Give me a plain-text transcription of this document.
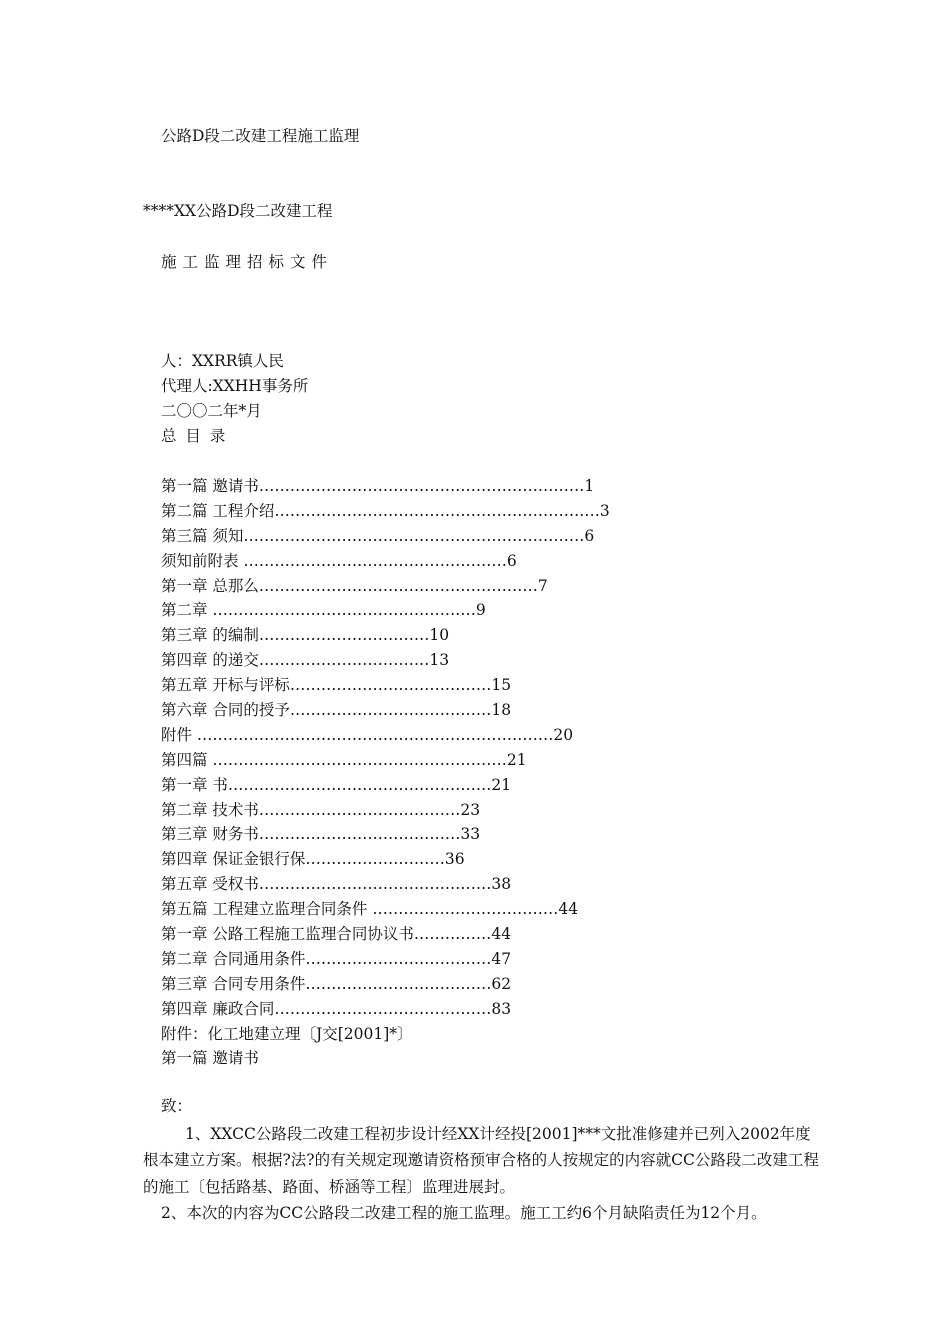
公路D段二改建工程施工监理
****XX公路D段二改建工程
施工监理招标文件
人：XXRR镇人民
代理人:XXHH事务所
二〇〇二年*月
总 目 录
第一篇 邀请书………………………………………………………1
第二篇 工程介绍………………………………………………………3
第三篇 须知…………………………………………………………6
须知前附表 ……………………………………………6
第一章 总那么………………………………………………7
第二章 ……………………………………………9
第三章 的编制……………………………10
第四章 的递交……………………………13
第五章 开标与评标…………………………………15
第六章 合同的授予…………………………………18
附件 ……………………………………………………………20
第四篇 …………………………………………………21
第一章 书……………………………………………21
第二章 技术书…………………………………23
第三章 财务书…………………………………33
第四章 保证金银行保………………………36
第五章 受权书………………………………………38
第五篇 工程建立监理合同条件 ………………………………44
第一章 公路工程施工监理合同协议书……………44
第二章 合同通用条件………………………………47
第三章 合同专用条件………………………………62
第四章 廉政合同……………………………………83
附件：化工地建立理〔J交[2001]*〕
第一篇 邀请书
致：

1、XXCC公路段二改建工程初步设计经XX计经投[2001]***文批准修建并已列入2002年度根本建立方案。根据?法?的有关规定现邀请资格预审合格的人按规定的内容就CC公路段二改建工程的施工〔包括路基、路面、桥涵等工程〕监理进展封。

2、本次的内容为CC公路段二改建工程的施工监理。施工工约6个月缺陷责任为12个月。
